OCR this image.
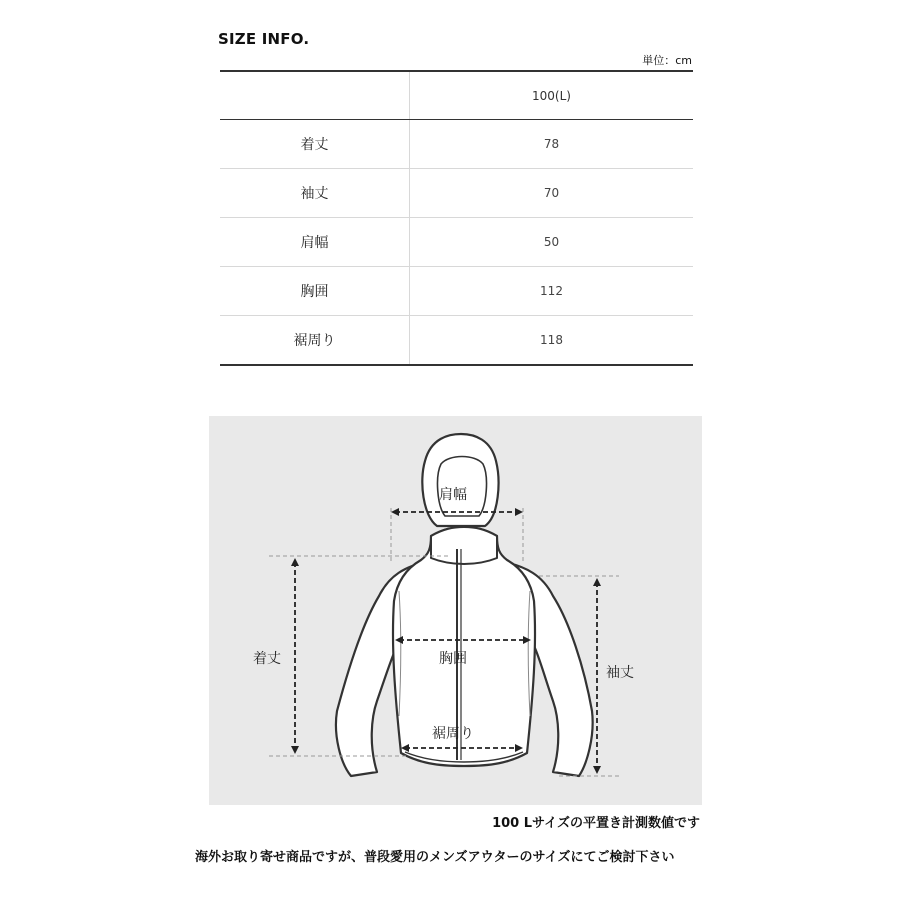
SIZE INFO.
単位：cm
	100(L)
着丈	78
袖丈	70
肩幅	50
胸囲	112
裾周り	118
肩幅
着丈
袖丈
胸囲
裾周り
100 Lサイズの平置き計測数値です
海外お取り寄せ商品ですが、普段愛用のメンズアウターのサイズにてご検討下さい
